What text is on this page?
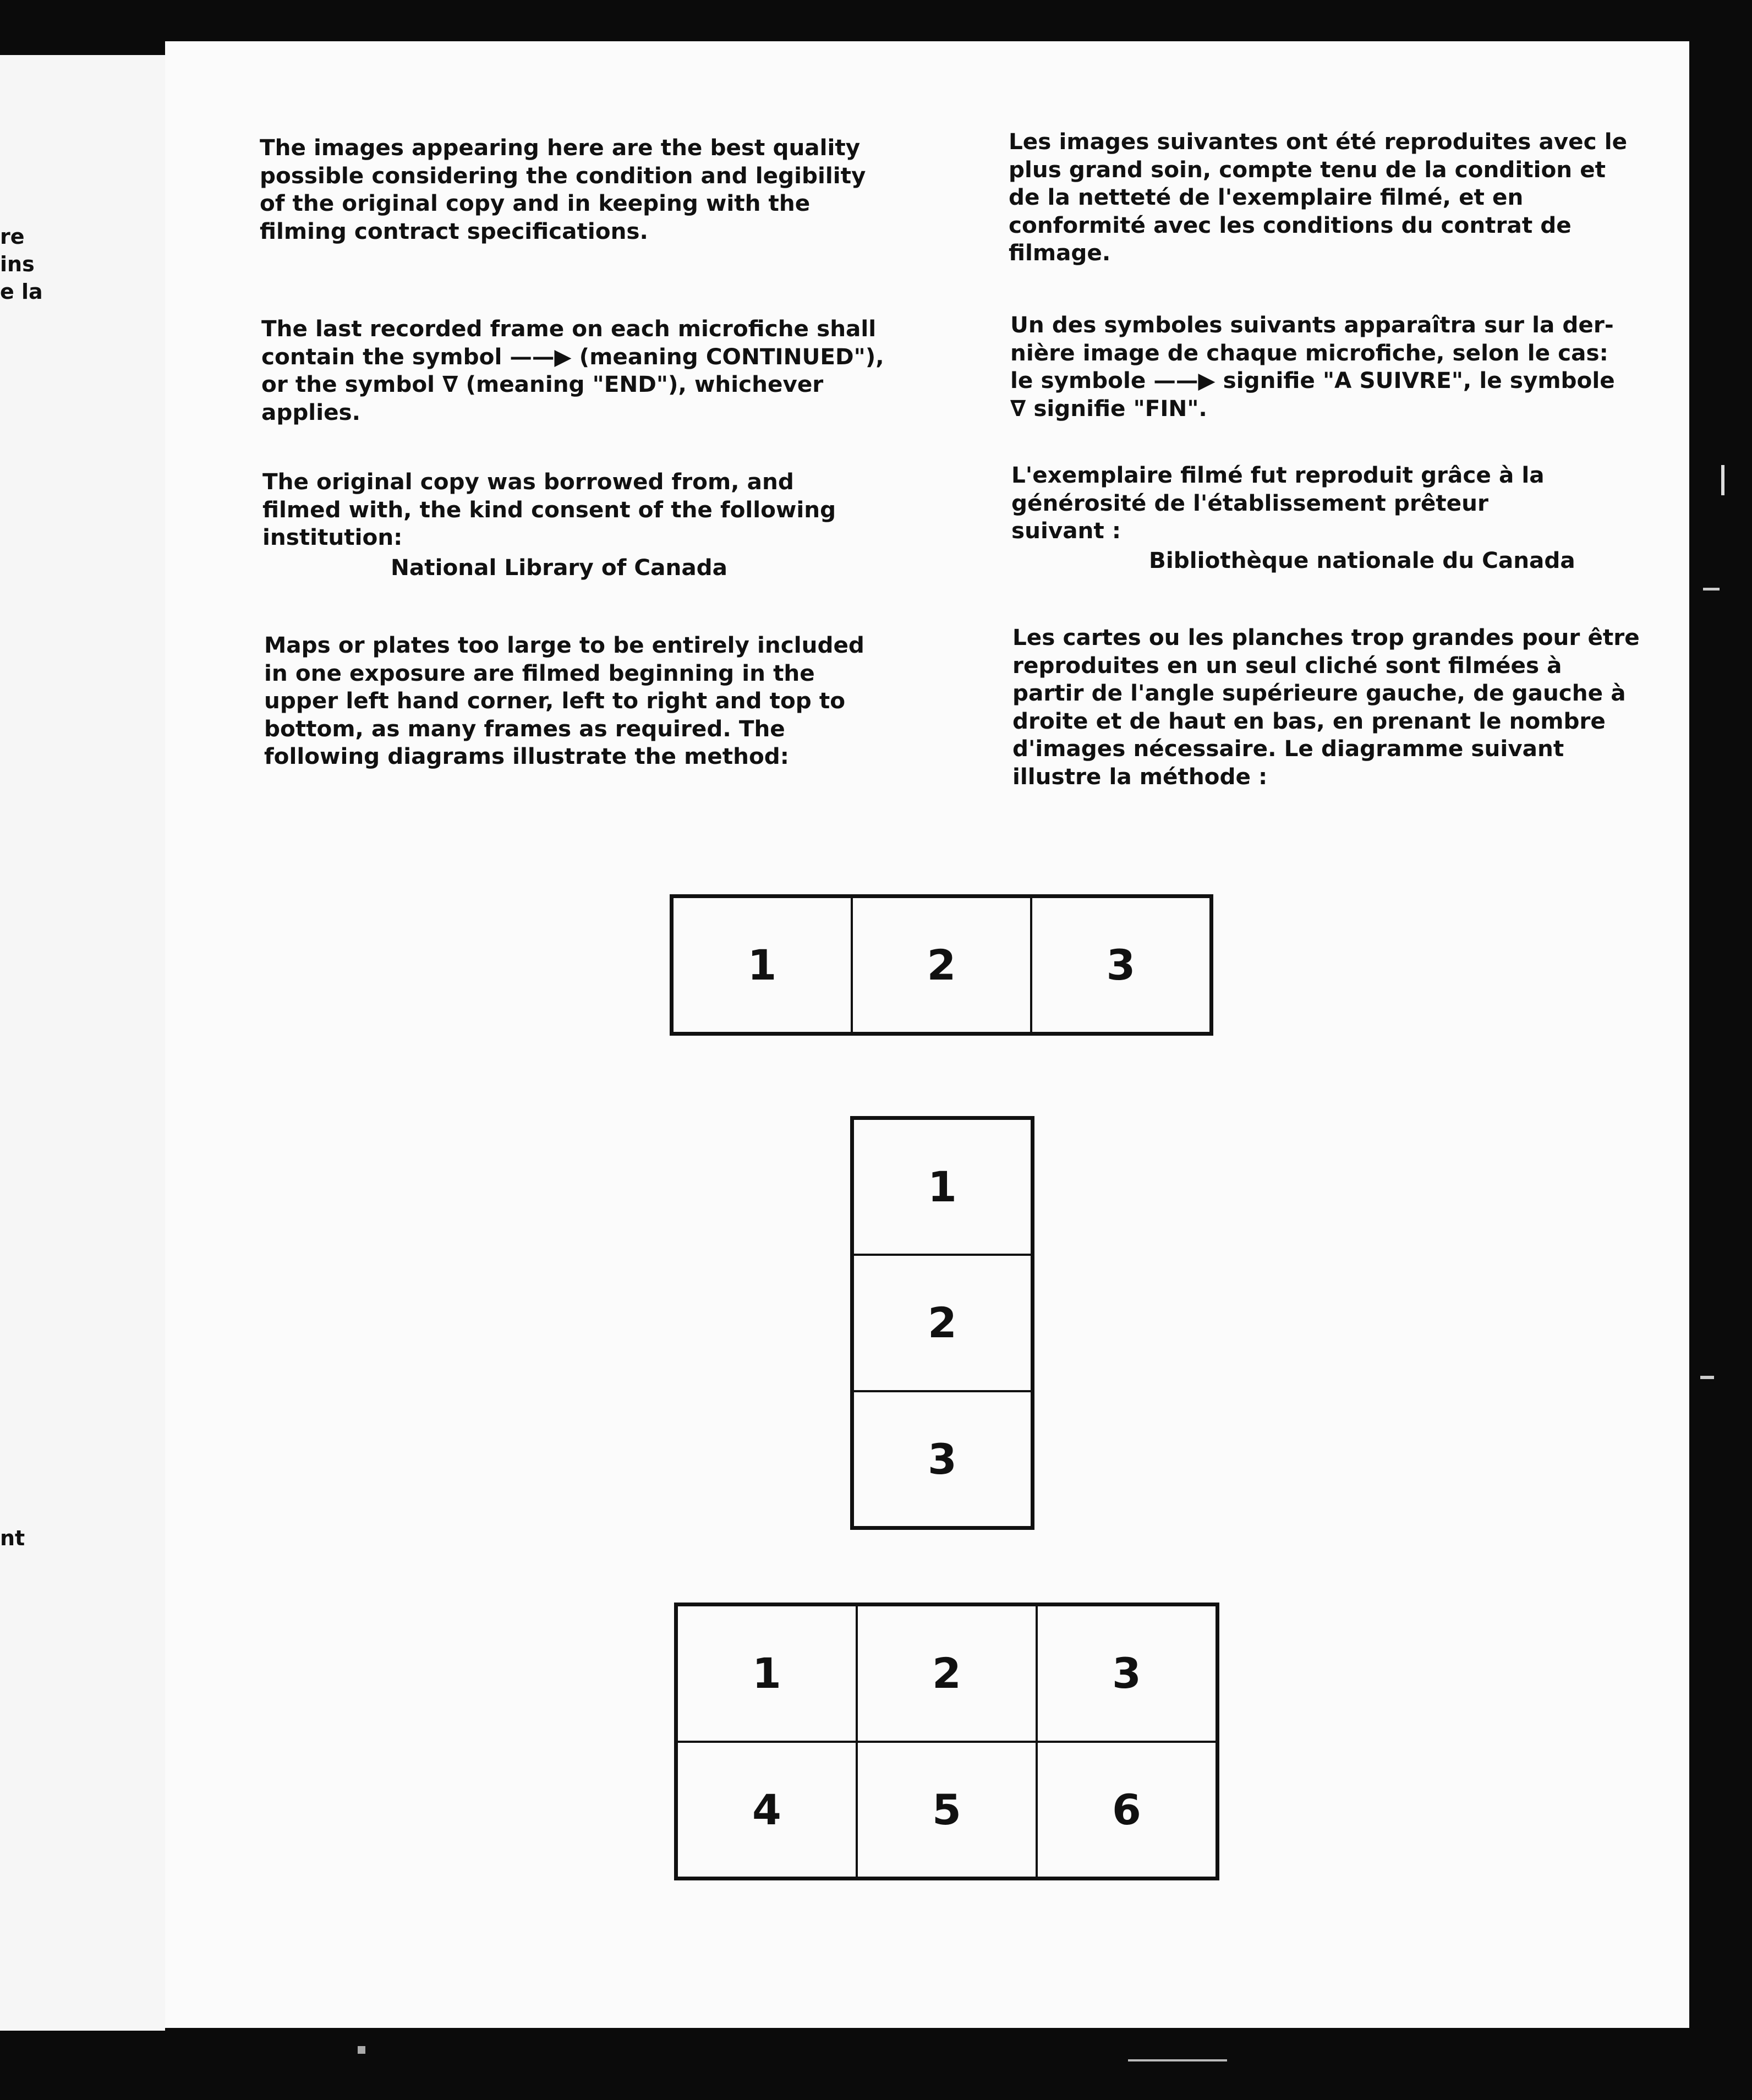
re
ins
e la
nt
The images appearing here are the best quality
possible considering the condition and legibility
of the original copy and in keeping with the
filming contract specifications.
The last recorded frame on each microfiche shall
contain the symbol ——▶ (meaning CONTINUED"),
or the symbol ∇ (meaning "END"), whichever
applies.
The original copy was borrowed from, and
filmed with, the kind consent of the following
institution:
National Library of Canada
Maps or plates too large to be entirely included
in one exposure are filmed beginning in the
upper left hand corner, left to right and top to
bottom, as many frames as required. The
following diagrams illustrate the method:
Les images suivantes ont été reproduites avec le
plus grand soin, compte tenu de la condition et
de la netteté de l'exemplaire filmé, et en
conformité avec les conditions du contrat de
filmage.
Un des symboles suivants apparaîtra sur la der-
nière image de chaque microfiche, selon le cas:
le symbole ——▶ signifie "A SUIVRE", le symbole
∇ signifie "FIN".
L'exemplaire filmé fut reproduit grâce à la
générosité de l'établissement prêteur
suivant :
Bibliothèque nationale du Canada
Les cartes ou les planches trop grandes pour être
reproduites en un seul cliché sont filmées à
partir de l'angle supérieure gauche, de gauche à
droite et de haut en bas, en prenant le nombre
d'images nécessaire. Le diagramme suivant
illustre la méthode :
1	2	3
1
2
3
1	2	3
4	5	6
